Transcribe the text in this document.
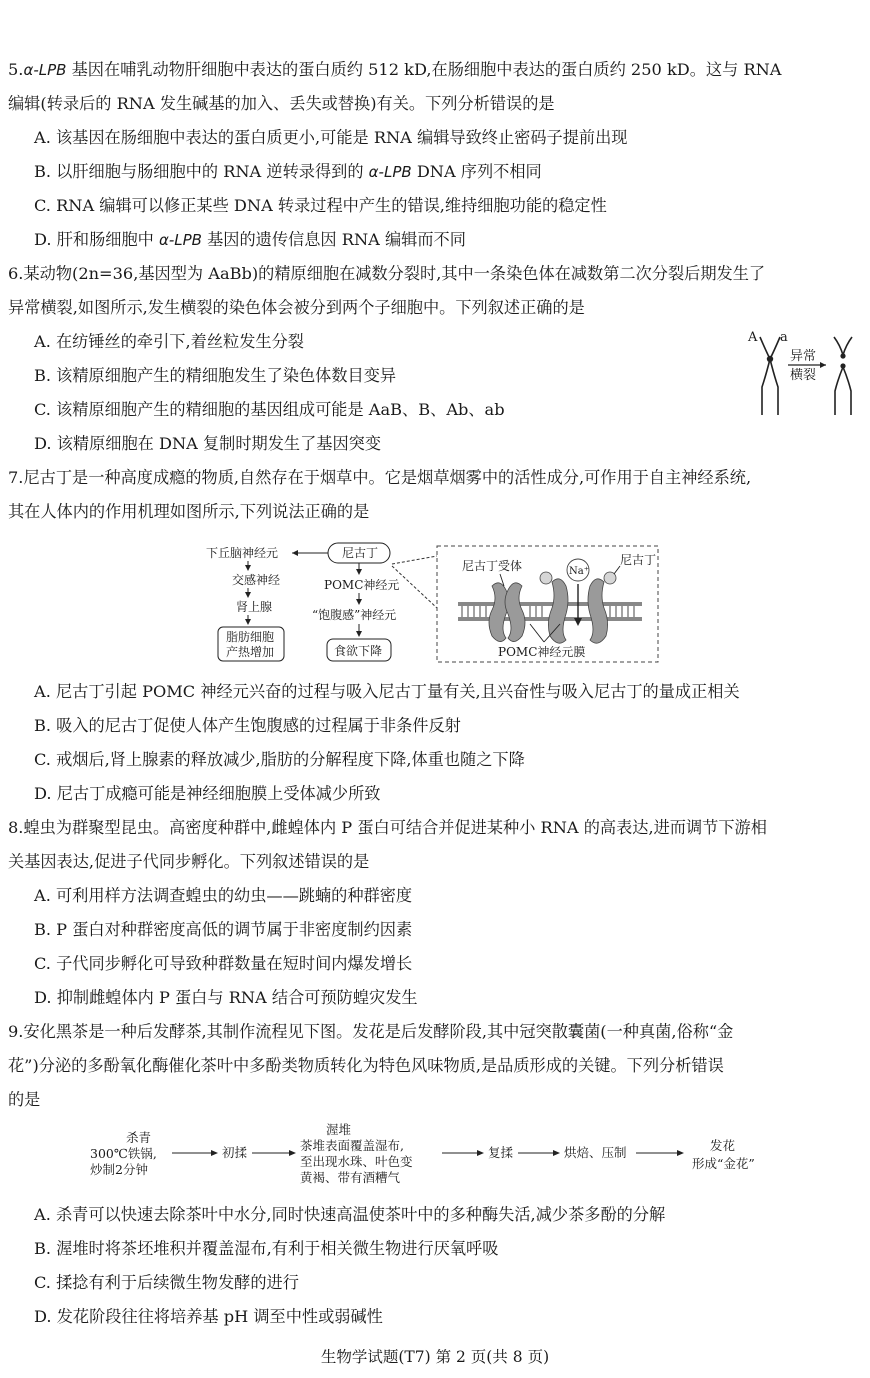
5.α-LPB 基因在哺乳动物肝细胞中表达的蛋白质约 512 kD,在肠细胞中表达的蛋白质约 250 kD。这与 RNA
编辑(转录后的 RNA 发生碱基的加入、丢失或替换)有关。下列分析错误的是
A. 该基因在肠细胞中表达的蛋白质更小,可能是 RNA 编辑导致终止密码子提前出现
B. 以肝细胞与肠细胞中的 RNA 逆转录得到的 α-LPB DNA 序列不相同
C. RNA 编辑可以修正某些 DNA 转录过程中产生的错误,维持细胞功能的稳定性
D. 肝和肠细胞中 α-LPB 基因的遗传信息因 RNA 编辑而不同
6.某动物(2n=36,基因型为 AaBb)的精原细胞在减数分裂时,其中一条染色体在减数第二次分裂后期发生了
异常横裂,如图所示,发生横裂的染色体会被分到两个子细胞中。下列叙述正确的是
A. 在纺锤丝的牵引下,着丝粒发生分裂
B. 该精原细胞产生的精细胞发生了染色体数目变异
C. 该精原细胞产生的精细胞的基因组成可能是 AaB、B、Ab、ab
D. 该精原细胞在 DNA 复制时期发生了基因突变
A a
异常
横裂
7.尼古丁是一种高度成瘾的物质,自然存在于烟草中。它是烟草烟雾中的活性成分,可作用于自主神经系统,
其在人体内的作用机理如图所示,下列说法正确的是
下丘脑神经元	尼古丁
交感神经
肾上腺
脂肪细胞
产热增加
POMC神经元
“饱腹感”神经元
食欲下降
Na⁺
尼古丁受体	尼古丁
POMC神经元膜
A. 尼古丁引起 POMC 神经元兴奋的过程与吸入尼古丁量有关,且兴奋性与吸入尼古丁的量成正相关
B. 吸入的尼古丁促使人体产生饱腹感的过程属于非条件反射
C. 戒烟后,肾上腺素的释放减少,脂肪的分解程度下降,体重也随之下降
D. 尼古丁成瘾可能是神经细胞膜上受体减少所致
8.蝗虫为群聚型昆虫。高密度种群中,雌蝗体内 P 蛋白可结合并促进某种小 RNA 的高表达,进而调节下游相
关基因表达,促进子代同步孵化。下列叙述错误的是
A. 可利用样方法调查蝗虫的幼虫——跳蝻的种群密度
B. P 蛋白对种群密度高低的调节属于非密度制约因素
C. 子代同步孵化可导致种群数量在短时间内爆发增长
D. 抑制雌蝗体内 P 蛋白与 RNA 结合可预防蝗灾发生
9.安化黑茶是一种后发酵茶,其制作流程见下图。发花是后发酵阶段,其中冠突散囊菌(一种真菌,俗称“金
花”)分泌的多酚氧化酶催化茶叶中多酚类物质转化为特色风味物质,是品质形成的关键。下列分析错误
的是
杀青
300℃铁锅,
炒制2分钟
初揉
渥堆
茶堆表面覆盖湿布,
至出现水珠、叶色变
黄褐、带有酒糟气
复揉	烘焙、压制	发花
形成“金花”
A. 杀青可以快速去除茶叶中水分,同时快速高温使茶叶中的多种酶失活,减少茶多酚的分解
B. 渥堆时将茶坯堆积并覆盖湿布,有利于相关微生物进行厌氧呼吸
C. 揉捻有利于后续微生物发酵的进行
D. 发花阶段往往将培养基 pH 调至中性或弱碱性
生物学试题(T7) 第 2 页(共 8 页)
